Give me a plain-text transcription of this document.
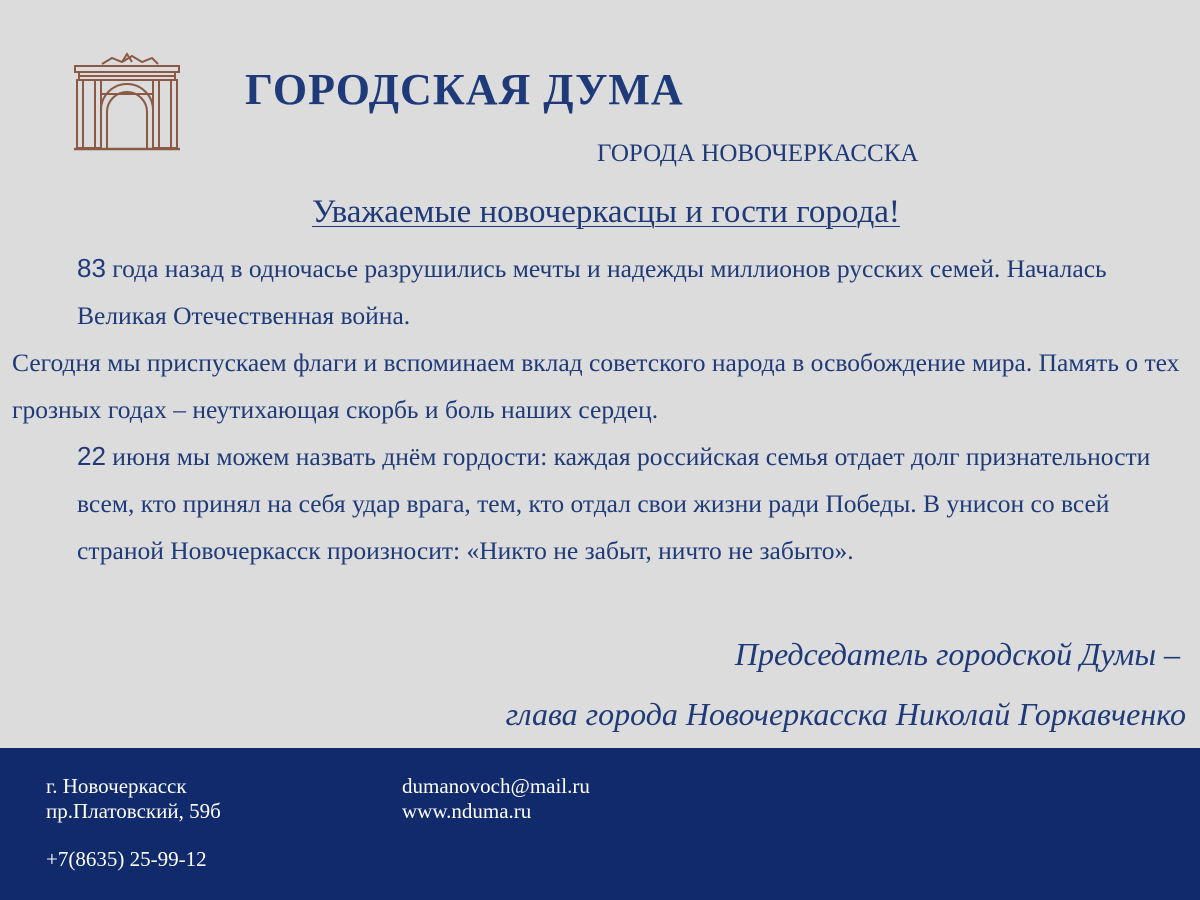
ГОРОДСКАЯ ДУМА
ГОРОДА НОВОЧЕРКАССКА
Уважаемые новочеркасцы и гости города!

83 года назад в одночасье разрушились мечты и надежды миллионов русских семей. Началась Великая Отечественная война.

Сегодня мы приспускаем флаги и вспоминаем вклад советского народа в освобождение мира. Память о тех грозных годах – неутихающая скорбь и боль наших сердец.

22 июня мы можем назвать днём гордости: каждая российская семья отдает долг признательности всем, кто принял на себя удар врага, тем, кто отдал свои жизни ради Победы. В унисон со всей страной Новочеркасск произносит: «Никто не забыт, ничто не забыто».

Председатель городской Думы –
глава города Новочеркасска Николай Горкавченко
г. Новочеркасск
пр.Платовский, 59б
+7(8635) 25-99-12
dumanovoch@mail.ru
www.nduma.ru
